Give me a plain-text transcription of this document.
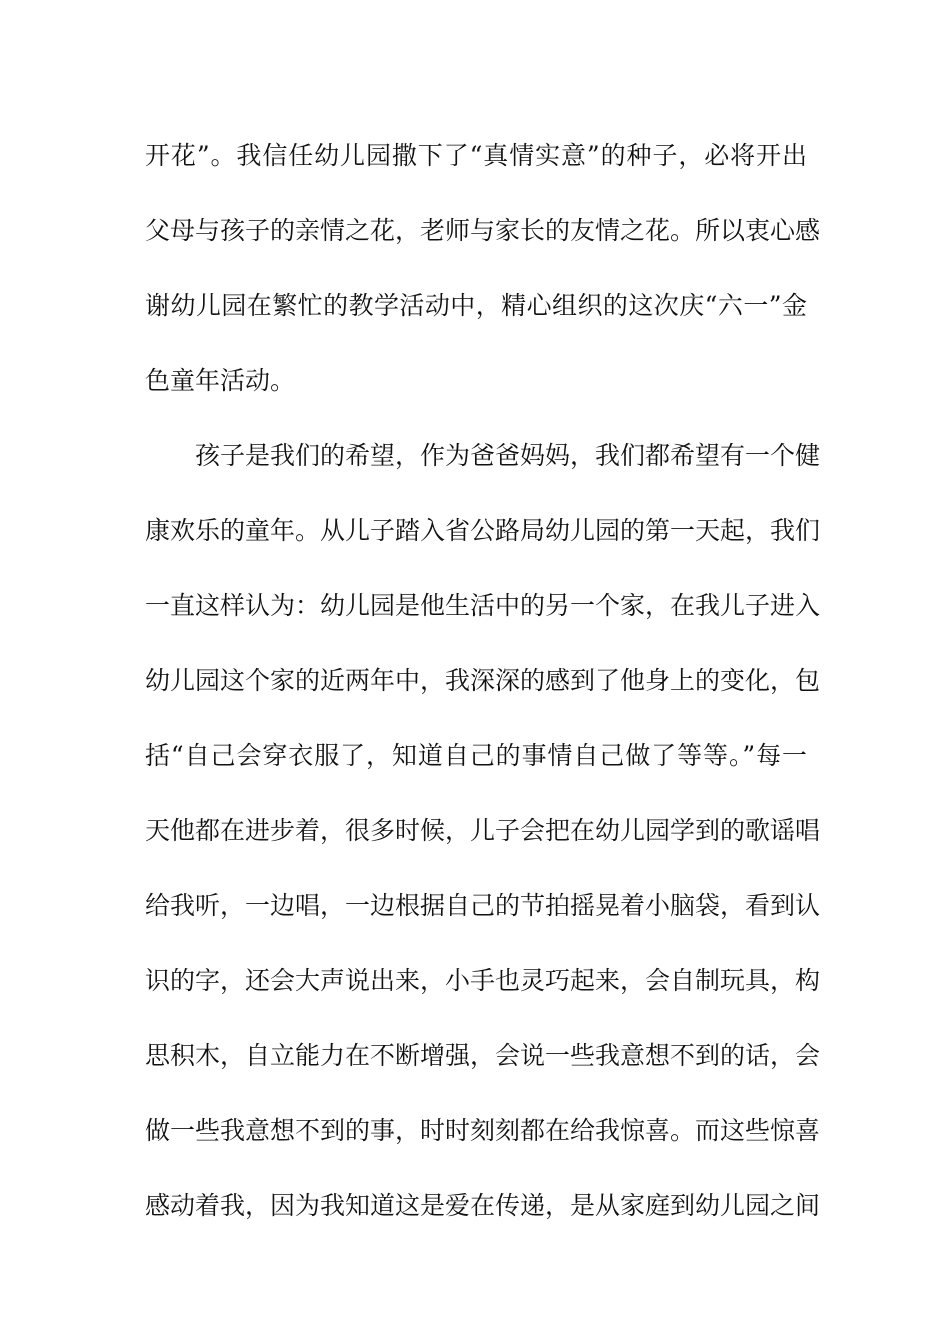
开花”。我信任幼儿园撒下了“真情实意”的种子，必将开出
父母与孩子的亲情之花，老师与家长的友情之花。所以衷心感
谢幼儿园在繁忙的教学活动中，精心组织的这次庆“六一”金
色童年活动。
孩子是我们的希望，作为爸爸妈妈，我们都希望有一个健
康欢乐的童年。从儿子踏入省公路局幼儿园的第一天起，我们
一直这样认为：幼儿园是他生活中的另一个家，在我儿子进入
幼儿园这个家的近两年中，我深深的感到了他身上的变化，包
括“自己会穿衣服了，知道自己的事情自己做了等等。”每一
天他都在进步着，很多时候，儿子会把在幼儿园学到的歌谣唱
给我听，一边唱，一边根据自己的节拍摇晃着小脑袋，看到认
识的字，还会大声说出来，小手也灵巧起来，会自制玩具，构
思积木，自立能力在不断增强，会说一些我意想不到的话，会
做一些我意想不到的事，时时刻刻都在给我惊喜。而这些惊喜
感动着我，因为我知道这是爱在传递，是从家庭到幼儿园之间
